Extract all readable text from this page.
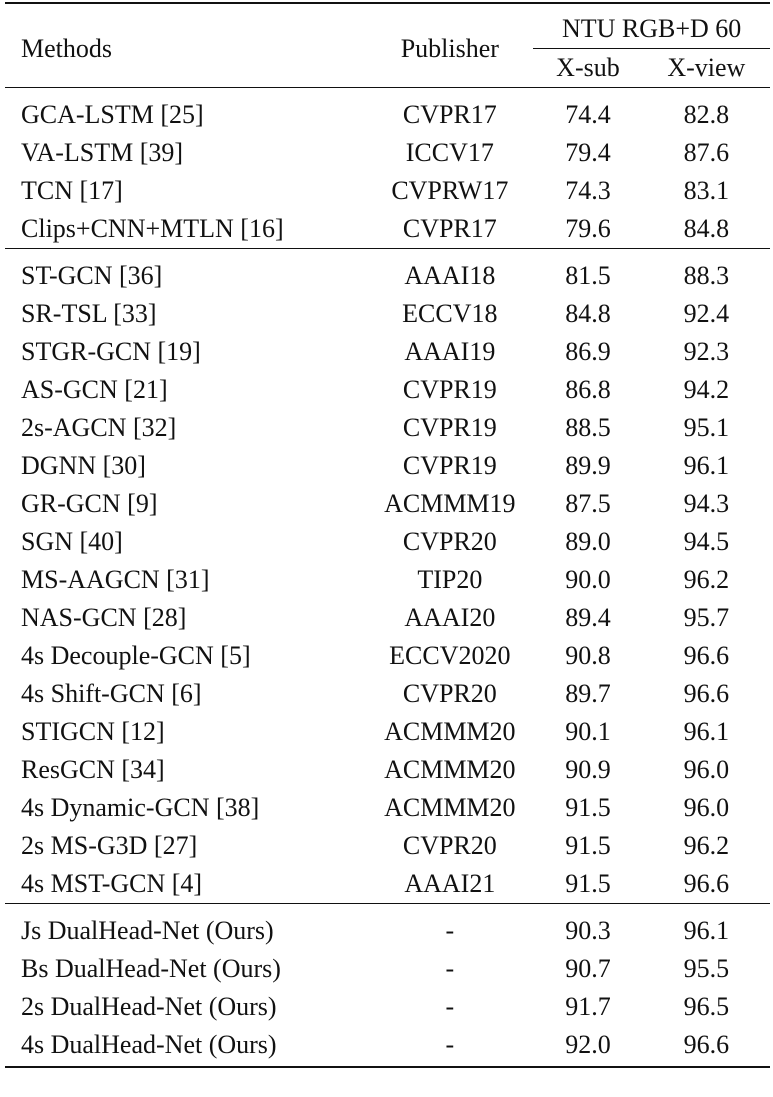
Methods	Publisher	NTU RGB+D 60	
		X-sub	X-view
GCA-LSTM [25]	CVPR17	74.4	82.8
VA-LSTM [39]	ICCV17	79.4	87.6
TCN [17]	CVPRW17	74.3	83.1
Clips+CNN+MTLN [16]	CVPR17	79.6	84.8
ST-GCN [36]	AAAI18	81.5	88.3
SR-TSL [33]	ECCV18	84.8	92.4
STGR-GCN [19]	AAAI19	86.9	92.3
AS-GCN [21]	CVPR19	86.8	94.2
2s-AGCN [32]	CVPR19	88.5	95.1
DGNN [30]	CVPR19	89.9	96.1
GR-GCN [9]	ACMMM19	87.5	94.3
SGN [40]	CVPR20	89.0	94.5
MS-AAGCN [31]	TIP20	90.0	96.2
NAS-GCN [28]	AAAI20	89.4	95.7
4s Decouple-GCN [5]	ECCV2020	90.8	96.6
4s Shift-GCN [6]	CVPR20	89.7	96.6
STIGCN [12]	ACMMM20	90.1	96.1
ResGCN [34]	ACMMM20	90.9	96.0
4s Dynamic-GCN [38]	ACMMM20	91.5	96.0
2s MS-G3D [27]	CVPR20	91.5	96.2
4s MST-GCN [4]	AAAI21	91.5	96.6
Js DualHead-Net (Ours)	-	90.3	96.1
Bs DualHead-Net (Ours)	-	90.7	95.5
2s DualHead-Net (Ours)	-	91.7	96.5
4s DualHead-Net (Ours)	-	92.0	96.6
